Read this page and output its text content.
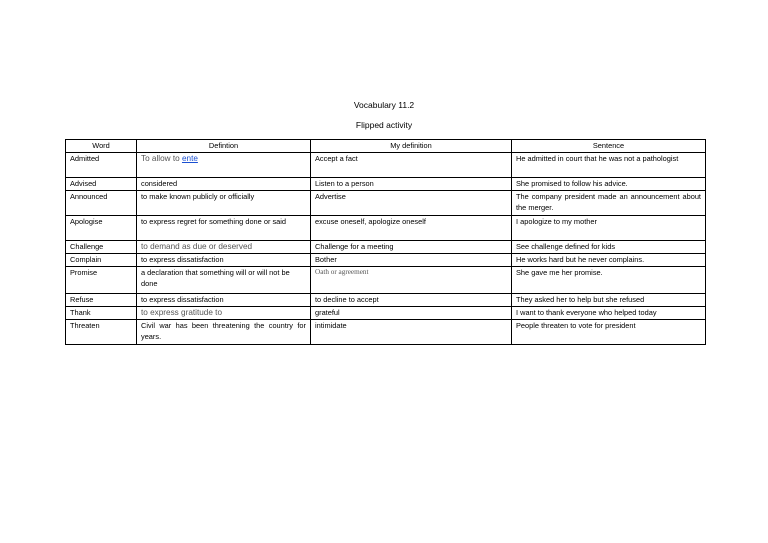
Vocabulary 11.2
Flipped activity
Word	Defintion	My definition	Sentence
Admitted	To allow to ente	Accept a fact	He admitted in court that he was not a pathologist
Advised	considered	Listen to a person	She promised to follow his advice.
Announced	to make known publicly or officially	Advertise	The company president made an announcement about the merger.
Apologise	to express regret for something done or said	excuse oneself, apologize oneself	I apologize to my mother
Challenge	to demand as due or deserved	Challenge for a meeting	See challenge defined for kids
Complain	to express dissatisfaction	Bother	He works hard but he never complains.
Promise	a declaration that something will or will not be done	Oath or agreement	She gave me her promise.
Refuse	to express dissatisfaction	to decline to accept	They asked her to help but she refused
Thank	to express gratitude to	grateful	I want to thank everyone who helped today
Threaten	Civil war has been threatening the country for years.	intimidate	People threaten to vote for president
